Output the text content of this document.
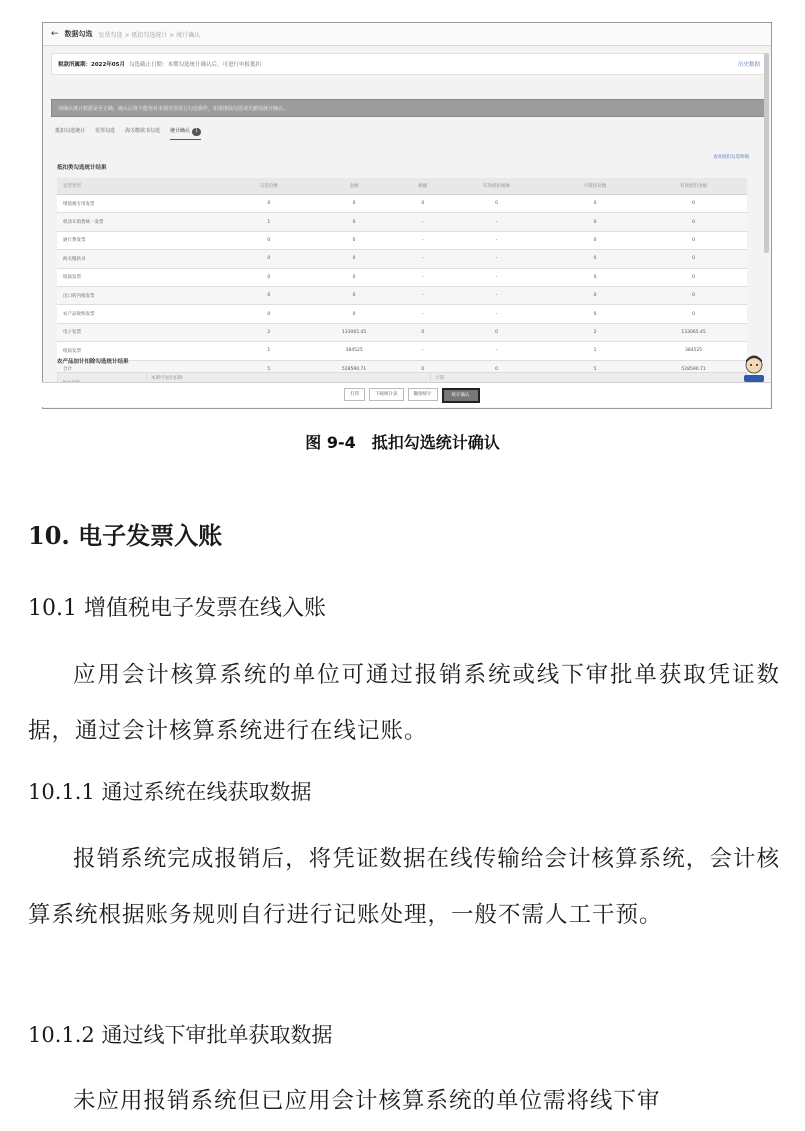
← 数据勾选 发票勾选 > 抵扣勾选统计 > 统计确认
税款所属期：2022年05月 勾选截止日期：本期勾选统计确认后，可进行申报抵扣	历史数据
请确认统计数据是否正确。确认后将不能再对本期发票进行勾选操作，如需继续勾选请先撤销统计确认。
抵扣勾选统计 发票勾选 海关缴款书勾选 统计确认 1
查看抵扣勾选明细
抵扣类勾选统计结果
发票类型	勾选份数	金额	税额	有效抵扣税额	可抵扣份数	有效抵扣金额
增值税专用发票	0	0	0	0	0	0
机动车销售统一发票	1	0	-	-	0	0
通行费发票	0	0	-	-	0	0
海关缴款书	0	0	-	-	0	0
纸质发票	0	0	-	-	0	0
出口转内销发票	0	0	-	-	0	0
农产品收购发票	0	0	-	-	0	0
电子发票	2	133065.45	0	0	2	133065.45
纸质发票	1	384525	-	-	1	384525
合计	5	528590.71	0	0	5	528590.71
农产品加计扣除勾选统计结果
	本期可加计扣除		计算	

打印	下载统计表	撤销统计	统计确认
图 9-4　抵扣勾选统计确认
10. 电子发票入账
10.1 增值税电子发票在线入账

应用会计核算系统的单位可通过报销系统或线下审批单获取凭证数据，通过会计核算系统进行在线记账。

10.1.1 通过系统在线获取数据

报销系统完成报销后，将凭证数据在线传输给会计核算系统，会计核算系统根据账务规则自行进行记账处理，一般不需人工干预。

10.1.2 通过线下审批单获取数据

未应用报销系统但已应用会计核算系统的单位需将线下审
